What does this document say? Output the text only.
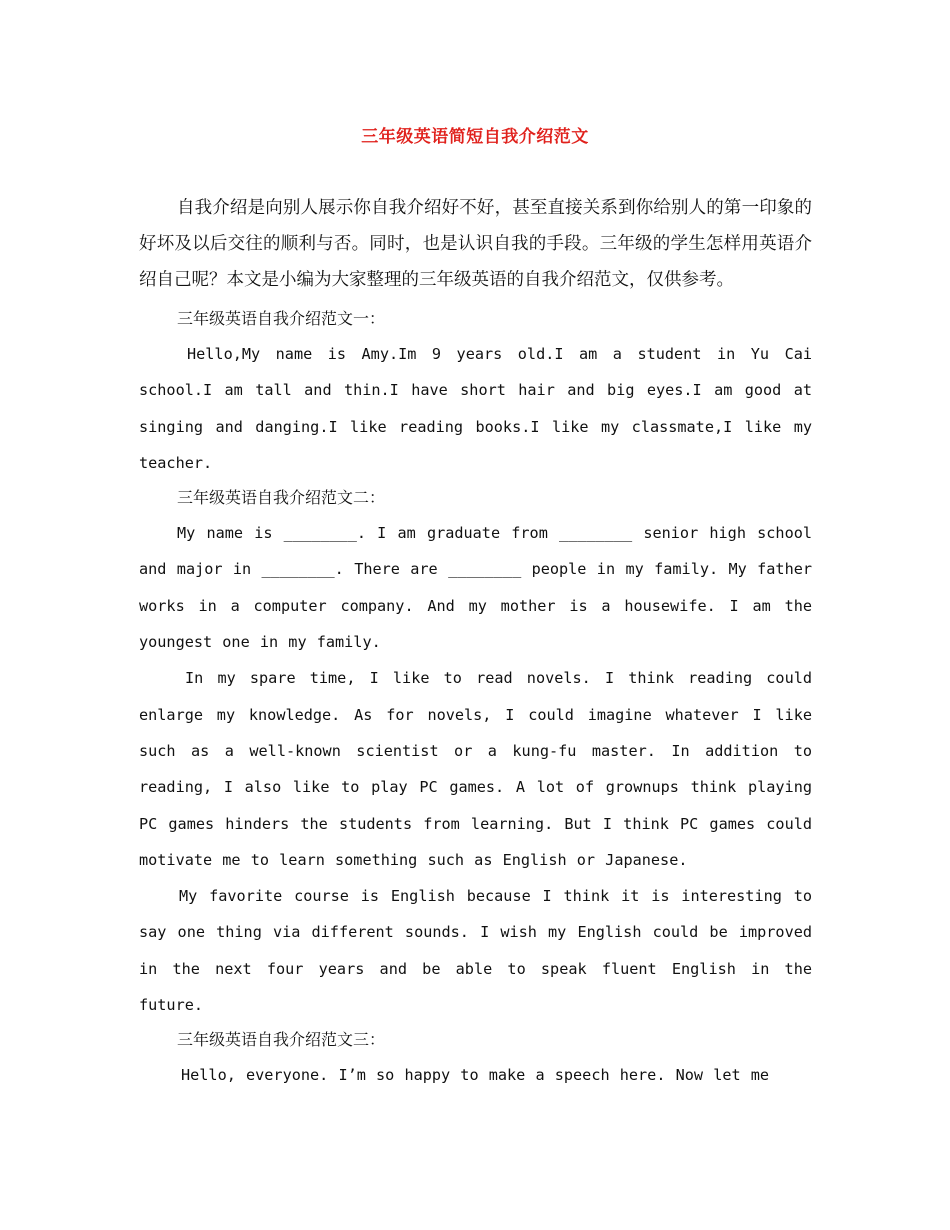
三年级英语简短自我介绍范文

自我介绍是向别人展示你自我介绍好不好，甚至直接关系到你给别人的第一印象的好坏及以后交往的顺利与否。同时，也是认识自我的手段。三年级的学生怎样用英语介绍自己呢？本文是小编为大家整理的三年级英语的自我介绍范文，仅供参考。

三年级英语自我介绍范文一：

Hello,My name is Amy.Im 9 years old.I am a student in Yu Cai school.I am tall and thin.I have short hair and big eyes.I am good at singing and danging.I like reading books.I like my classmate,I like my teacher.

三年级英语自我介绍范文二：

My name is ________. I am graduate from ________ senior high school and major in ________. There are ________ people in my family. My father works in a computer company. And my mother is a housewife. I am the youngest one in my family.

In my spare time, I like to read novels. I think reading could enlarge my knowledge. As for novels, I could imagine whatever I like such as a well-known scientist or a kung-fu master. In addition to reading, I also like to play PC games. A lot of grownups think playing PC games hinders the students from learning. But I think PC games could motivate me to learn something such as English or Japanese.

My favorite course is English because I think it is interesting to say one thing via different sounds. I wish my English could be improved in the next four years and be able to speak fluent English in the future.

三年级英语自我介绍范文三：

Hello, everyone. I’m so happy to make a speech here. Now let me
